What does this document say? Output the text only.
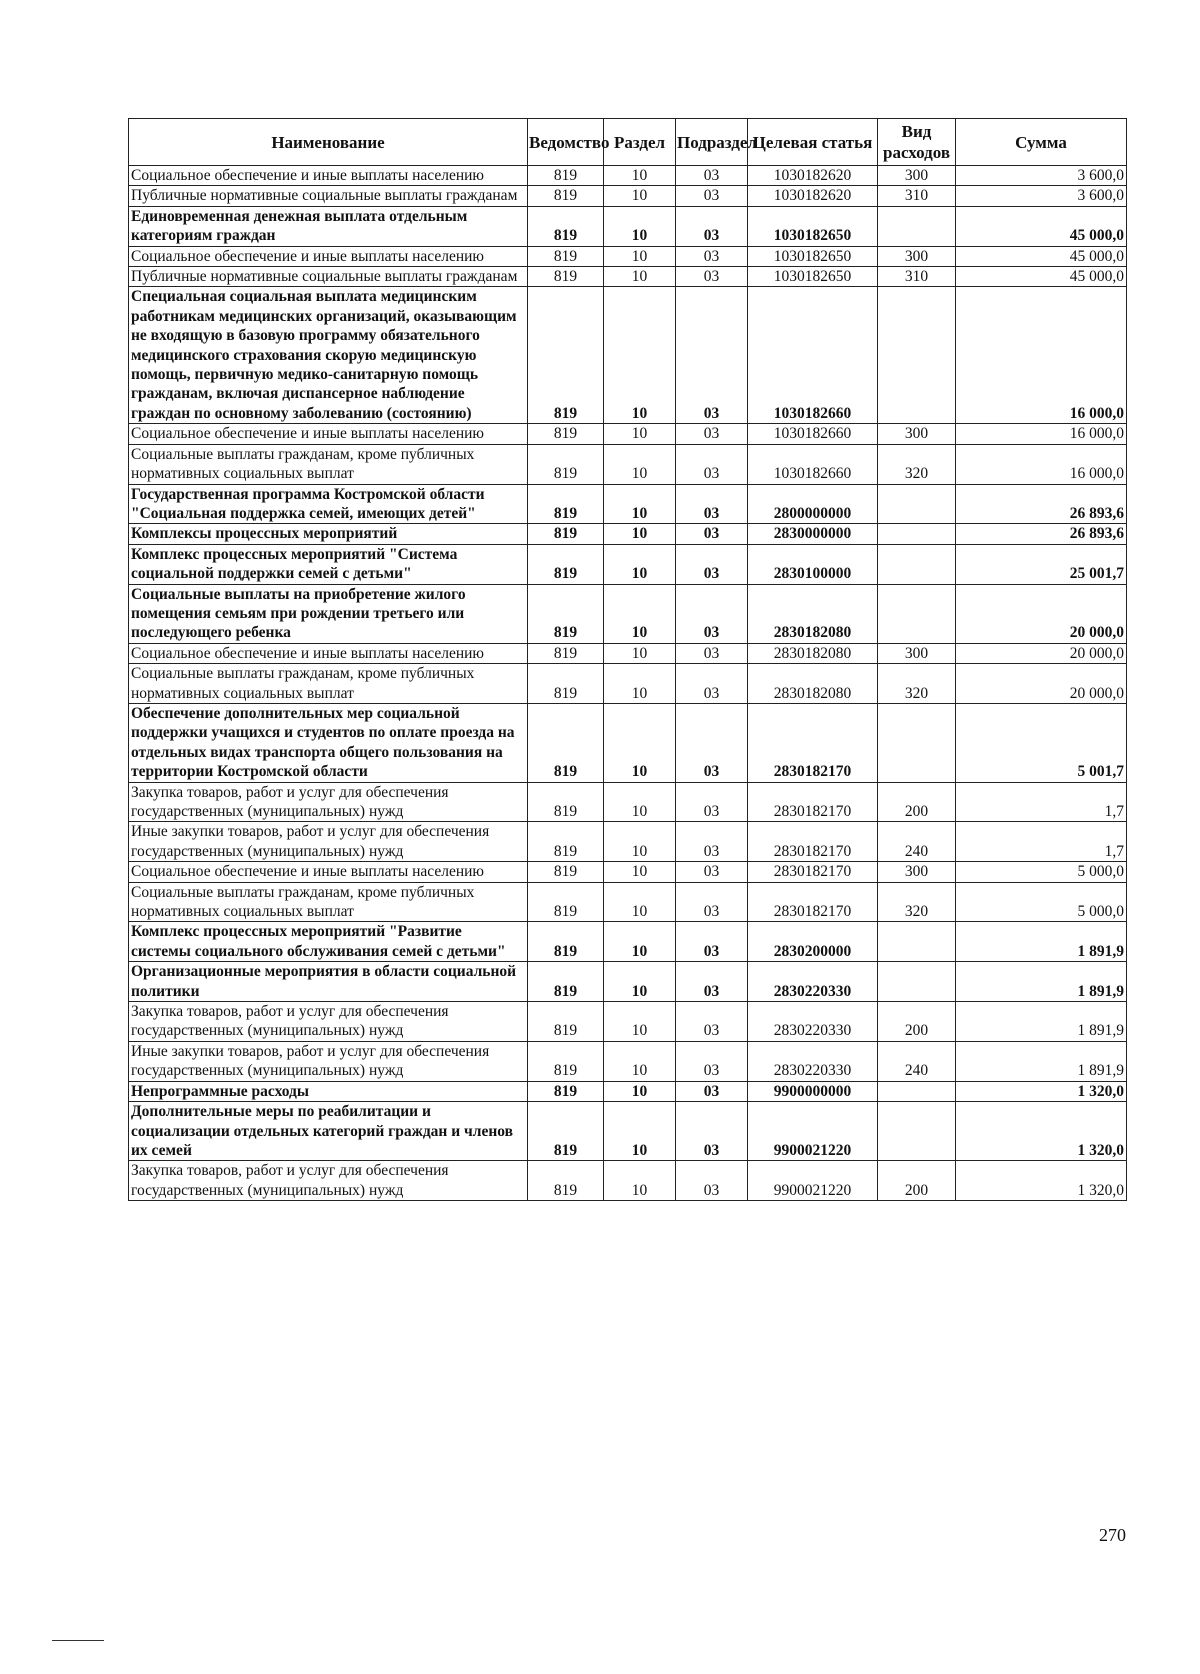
Наименование	Ведомство	Раздел	Подраздел	Целевая статья	Вид расходов	Сумма
Социальное обеспечение и иные выплаты населению	819	10	03	1030182620	300	3 600,0
Публичные нормативные социальные выплаты гражданам	819	10	03	1030182620	310	3 600,0
Единовременная денежная выплата отдельным категориям граждан	819	10	03	1030182650		45 000,0
Социальное обеспечение и иные выплаты населению	819	10	03	1030182650	300	45 000,0
Публичные нормативные социальные выплаты гражданам	819	10	03	1030182650	310	45 000,0
Специальная социальная выплата медицинским работникам медицинских организаций, оказывающим не входящую в базовую программу обязательного медицинского страхования скорую медицинскую помощь, первичную медико-санитарную помощь гражданам, включая диспансерное наблюдение граждан по основному заболеванию (состоянию)	819	10	03	1030182660		16 000,0
Социальное обеспечение и иные выплаты населению	819	10	03	1030182660	300	16 000,0
Социальные выплаты гражданам, кроме публичных нормативных социальных выплат	819	10	03	1030182660	320	16 000,0
Государственная программа Костромской области "Социальная поддержка семей, имеющих детей"	819	10	03	2800000000		26 893,6
Комплексы процессных мероприятий	819	10	03	2830000000		26 893,6
Комплекс процессных мероприятий "Система социальной поддержки семей с детьми"	819	10	03	2830100000		25 001,7
Социальные выплаты на приобретение жилого помещения семьям при рождении третьего или последующего ребенка	819	10	03	2830182080		20 000,0
Социальное обеспечение и иные выплаты населению	819	10	03	2830182080	300	20 000,0
Социальные выплаты гражданам, кроме публичных нормативных социальных выплат	819	10	03	2830182080	320	20 000,0
Обеспечение дополнительных мер социальной поддержки учащихся и студентов по оплате проезда на отдельных видах транспорта общего пользования на территории Костромской области	819	10	03	2830182170		5 001,7
Закупка товаров, работ и услуг для обеспечения государственных (муниципальных) нужд	819	10	03	2830182170	200	1,7
Иные закупки товаров, работ и услуг для обеспечения государственных (муниципальных) нужд	819	10	03	2830182170	240	1,7
Социальное обеспечение и иные выплаты населению	819	10	03	2830182170	300	5 000,0
Социальные выплаты гражданам, кроме публичных нормативных социальных выплат	819	10	03	2830182170	320	5 000,0
Комплекс процессных мероприятий "Развитие системы социального обслуживания семей с детьми"	819	10	03	2830200000		1 891,9
Организационные мероприятия в области социальной политики	819	10	03	2830220330		1 891,9
Закупка товаров, работ и услуг для обеспечения государственных (муниципальных) нужд	819	10	03	2830220330	200	1 891,9
Иные закупки товаров, работ и услуг для обеспечения государственных (муниципальных) нужд	819	10	03	2830220330	240	1 891,9
Непрограммные расходы	819	10	03	9900000000		1 320,0
Дополнительные меры по реабилитации и социализации отдельных категорий граждан и членов их семей	819	10	03	9900021220		1 320,0
Закупка товаров, работ и услуг для обеспечения государственных (муниципальных) нужд	819	10	03	9900021220	200	1 320,0
270
